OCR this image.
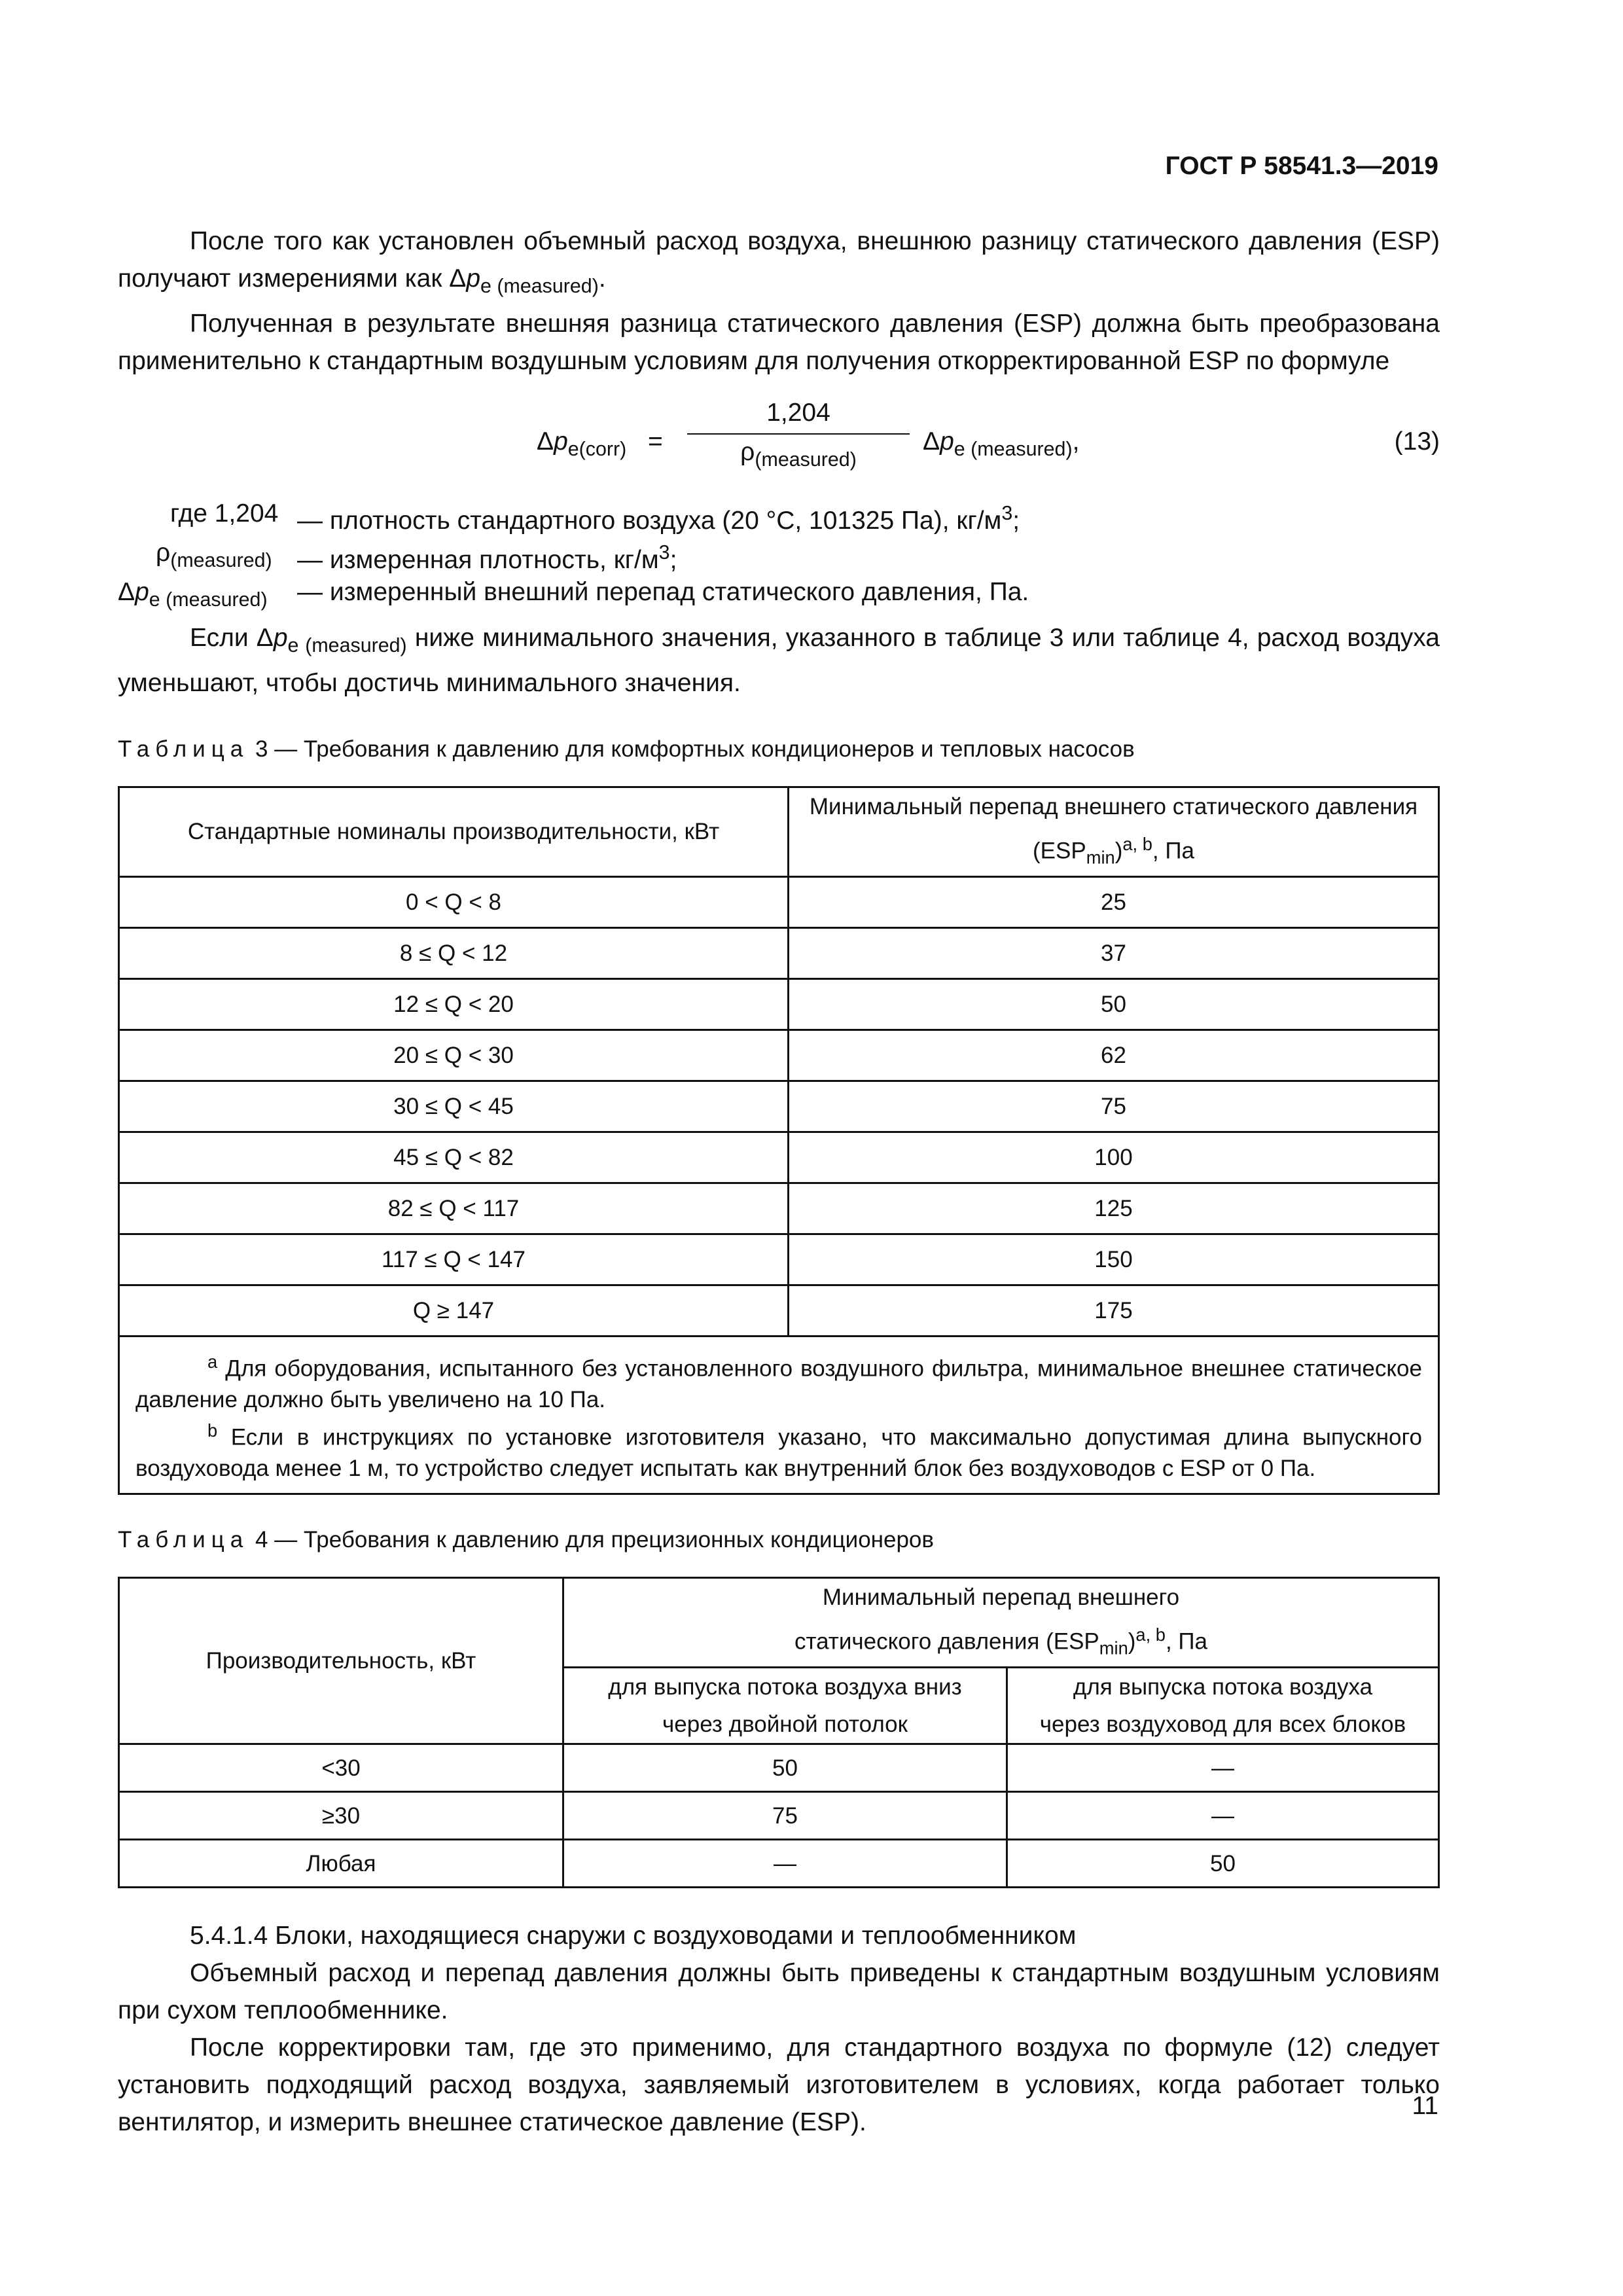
ГОСТ Р 58541.3—2019

После того как установлен объемный расход воздуха, внешнюю разницу статического давления (ESP) получают измерениями как $\Delta p_{e (measured)}$.

Полученная в результате внешняя разница статического давления (ESP) должна быть преобразована применительно к стандартным воздушным условиям для получения откорректированной ESP по формуле

$\Delta p_{e(corr)}$ =
1,204
$\rho_{(measured)}$
$\Delta p_{e (measured)}$,	(13)
где 1,204 — плотность стандартного воздуха (20 °С, 101325 Па), $кг/м^3$;
$\rho_{(measured)}$ — измеренная плотность, $кг/м^3$;
$\Delta p_{e (measured)}$ — измеренный внешний перепад статического давления, Па.

Если $\Delta p_{e (measured)}$ ниже минимального значения, указанного в таблице 3 или таблице 4, расход воздуха уменьшают, чтобы достичь минимального значения.

Таблица 3 — Требования к давлению для комфортных кондиционеров и тепловых насосов

Стандартные номиналы производительности, кВт	Минимальный перепад внешнего статического давления
$(ESP_{min})^{a, b}$, Па
0 < Q < 8	25
8 ≤ Q < 12	37
12 ≤ Q < 20	50
20 ≤ Q < 30	62
30 ≤ Q < 45	75
45 ≤ Q < 82	100
82 ≤ Q < 117	125
117 ≤ Q < 147	150
Q ≥ 147	175

$^a$ Для оборудования, испытанного без установленного воздушного фильтра, минимальное внешнее статическое давление должно быть увеличено на 10 Па.

$^b$ Если в инструкциях по установке изготовителя указано, что максимально допустимая длина выпускного воздуховода менее 1 м, то устройство следует испытать как внутренний блок без воздуховодов с ESP от 0 Па.	

Таблица 4 — Требования к давлению для прецизионных кондиционеров

Производительность, кВт	Минимальный перепад внешнего
статического давления $(ESP_{min})^{a, b}$, Па	
	для выпуска потока воздуха вниз
через двойной потолок	для выпуска потока воздуха
через воздуховод для всех блоков
<30	50	—
≥30	75	—
Любая	—	50

5.4.1.4 Блоки, находящиеся снаружи с воздуховодами и теплообменником

Объемный расход и перепад давления должны быть приведены к стандартным воздушным условиям при сухом теплообменнике.

После корректировки там, где это применимо, для стандартного воздуха по формуле (12) следует установить подходящий расход воздуха, заявляемый изготовителем в условиях, когда работает только вентилятор, и измерить внешнее статическое давление (ESP).

11
